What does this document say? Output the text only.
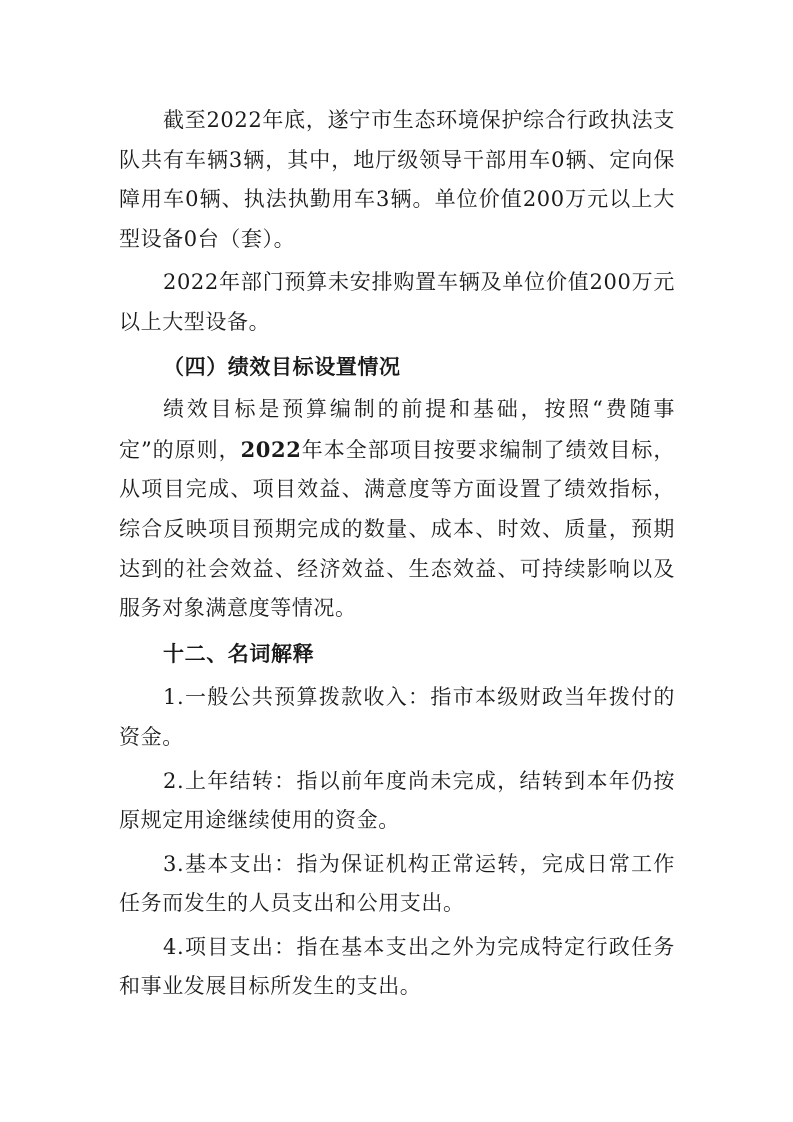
截至2022年底，遂宁市生态环境保护综合行政执法支队共有车辆3辆，其中，地厅级领导干部用车0辆、定向保障用车0辆、执法执勤用车3辆。单位价值200万元以上大型设备0台（套）。

2022年部门预算未安排购置车辆及单位价值200万元以上大型设备。

（四）绩效目标设置情况

绩效目标是预算编制的前提和基础，按照“费随事定”的原则，2022年本全部项目按要求编制了绩效目标，从项目完成、项目效益、满意度等方面设置了绩效指标，综合反映项目预期完成的数量、成本、时效、质量，预期达到的社会效益、经济效益、生态效益、可持续影响以及服务对象满意度等情况。

十二、名词解释

1.一般公共预算拨款收入：指市本级财政当年拨付的资金。

2.上年结转：指以前年度尚未完成，结转到本年仍按原规定用途继续使用的资金。

3.基本支出：指为保证机构正常运转，完成日常工作任务而发生的人员支出和公用支出。

4.项目支出：指在基本支出之外为完成特定行政任务和事业发展目标所发生的支出。
